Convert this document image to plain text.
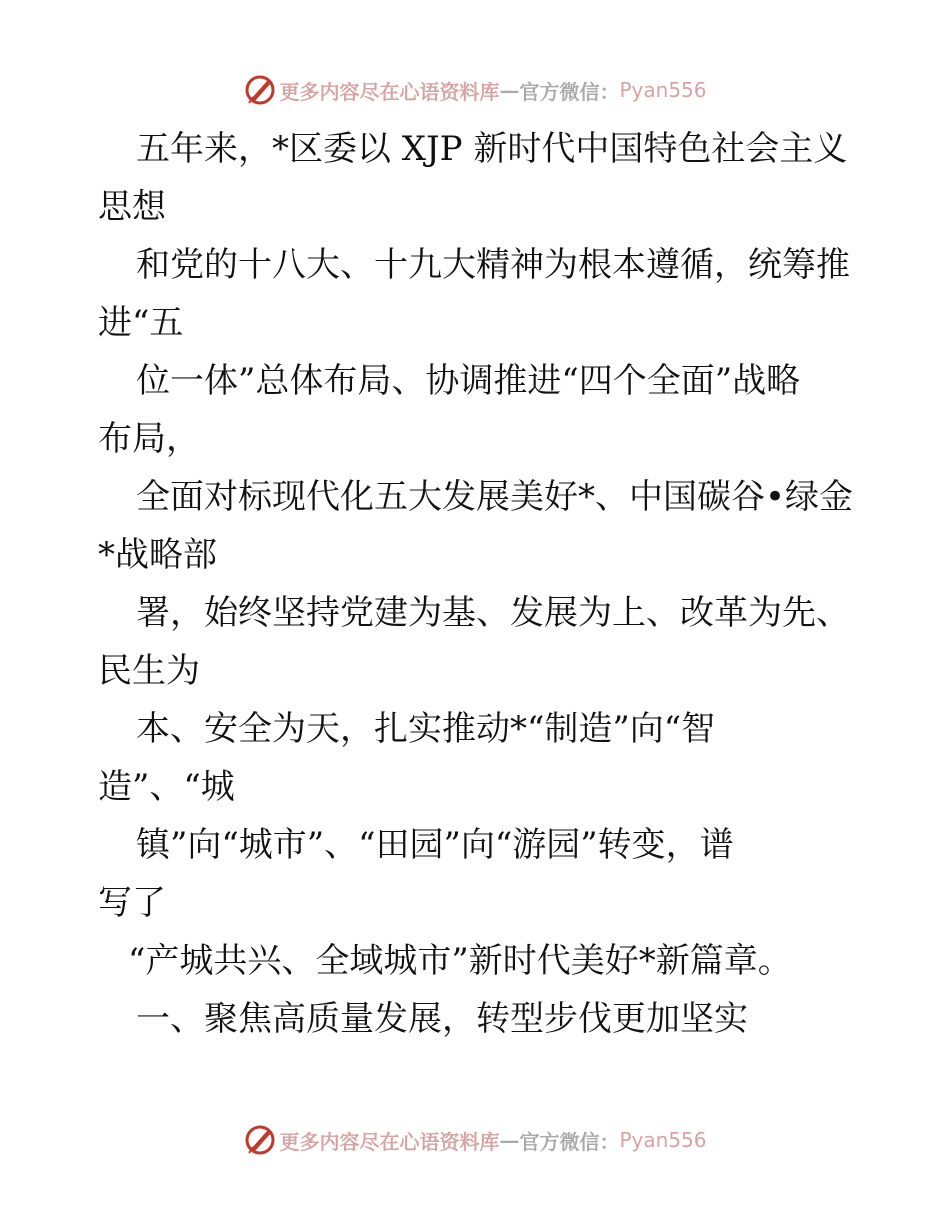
更多内容尽在心语资料库 — 官方微信： Pyan556
五年来，*区委以 XJP 新时代中国特色社会主义
思想
和党的十八大、十九大精神为根本遵循，统筹推
进“五
位一体”总体布局、协调推进“四个全面”战略
布局，
全面对标现代化五大发展美好*、中国碳谷•绿金
*战略部
署，始终坚持党建为基、发展为上、改革为先、
民生为
本、安全为天，扎实推动*“制造”向“智
造”、“城
镇”向“城市”、“田园”向“游园”转变，谱
写了
“产城共兴、全域城市”新时代美好*新篇章。
一、聚焦高质量发展，转型步伐更加坚实
更多内容尽在心语资料库 — 官方微信： Pyan556
